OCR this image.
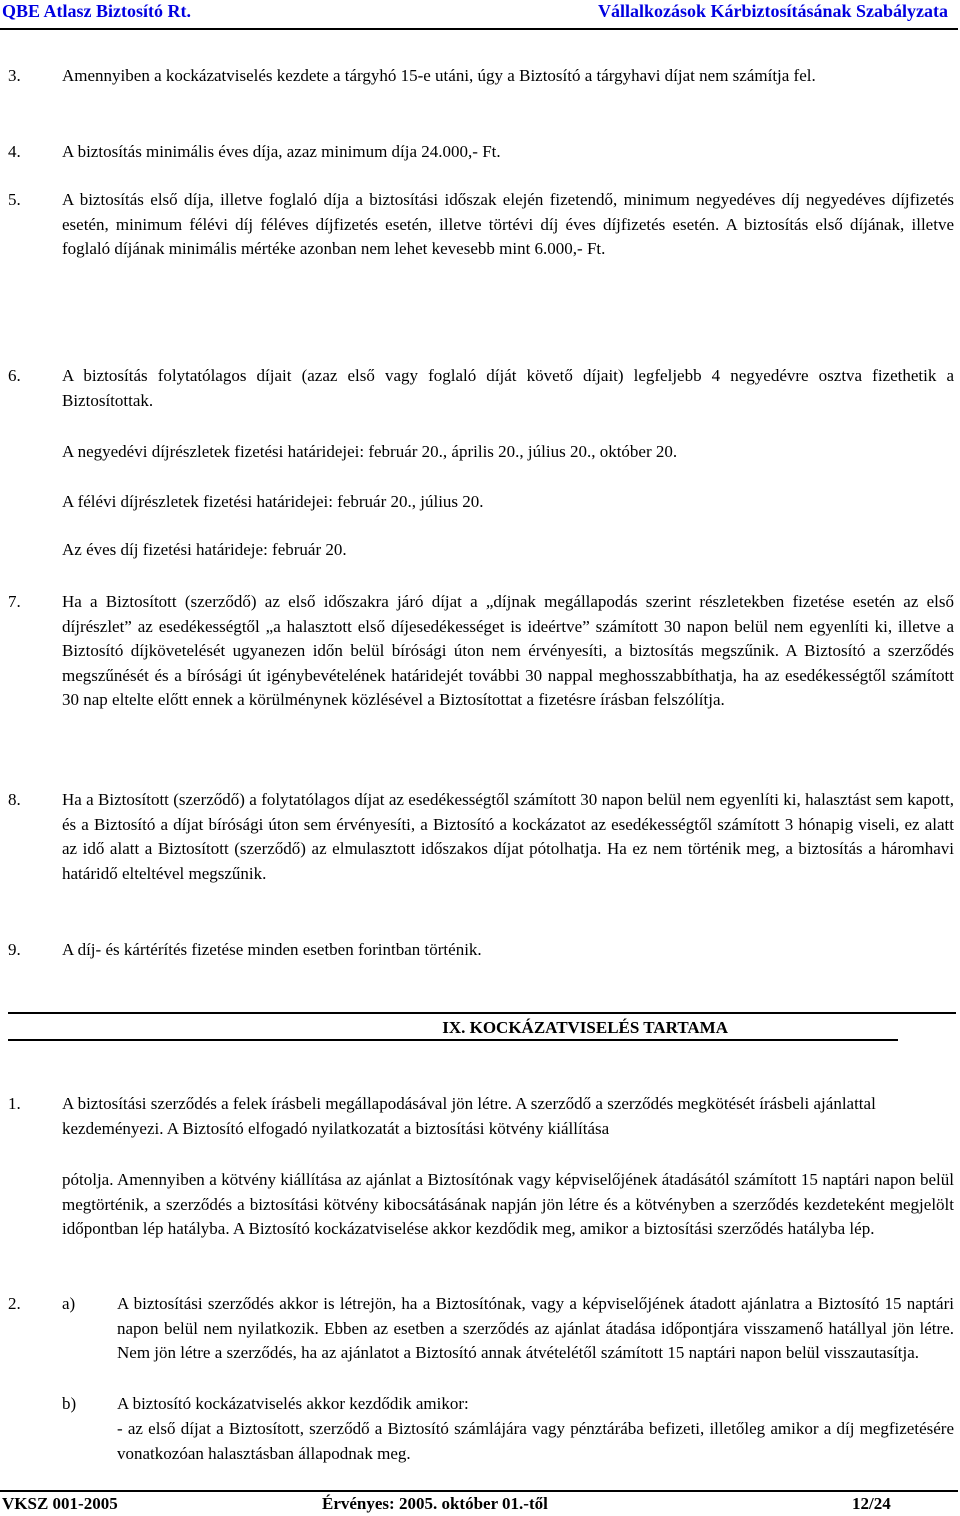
QBE Atlasz Biztosító Rt.	Vállalkozások Kárbiztosításának Szabályzata
3. Amennyiben a kockázatviselés kezdete a tárgyhó 15-e utáni, úgy a Biztosító a tárgyhavi díjat nem számítja fel.
4. A biztosítás minimális éves díja, azaz minimum díja 24.000,- Ft.
5. A biztosítás első díja, illetve foglaló díja a biztosítási időszak elején fizetendő, minimum negyedéves díj negyedéves díjfizetés esetén, minimum félévi díj féléves díjfizetés esetén, illetve törtévi díj éves díjfizetés esetén. A biztosítás első díjának, illetve foglaló díjának minimális mértéke azonban nem lehet kevesebb mint 6.000,- Ft.
6. A biztosítás folytatólagos díjait (azaz első vagy foglaló díját követő díjait) legfeljebb 4 negyedévre osztva fizethetik a Biztosítottak.
A negyedévi díjrészletek fizetési határidejei: február 20., április 20., július 20., október 20.
A félévi díjrészletek fizetési határidejei: február 20., július 20.
Az éves díj fizetési határideje: február 20.
7. Ha a Biztosított (szerződő) az első időszakra járó díjat a „díjnak megállapodás szerint részletekben fizetése esetén az első díjrészlet” az esedékességtől „a halasztott első díjesedékességet is ideértve” számított 30 napon belül nem egyenlíti ki, illetve a Biztosító díjkövetelését ugyanezen időn belül bírósági úton nem érvényesíti, a biztosítás megszűnik. A Biztosító a szerződés megszűnését és a bírósági út igénybevételének határidejét további 30 nappal meghosszabbíthatja, ha az esedékességtől számított 30 nap eltelte előtt ennek a körülménynek közlésével a Biztosítottat a fizetésre írásban felszólítja.
8. Ha a Biztosított (szerződő) a folytatólagos díjat az esedékességtől számított 30 napon belül nem egyenlíti ki, halasztást sem kapott, és a Biztosító a díjat bírósági úton sem érvényesíti, a Biztosító a kockázatot az esedékességtől számított 3 hónapig viseli, ez alatt az idő alatt a Biztosított (szerződő) az elmulasztott időszakos díjat pótolhatja. Ha ez nem történik meg, a biztosítás a háromhavi határidő elteltével megszűnik.
9. A díj- és kártérítés fizetése minden esetben forintban történik.
IX. KOCKÁZATVISELÉS TARTAMA
1. A biztosítási szerződés a felek írásbeli megállapodásával jön létre. A szerződő a szerződés megkötését írásbeli ajánlattal kezdeményezi. A Biztosító elfogadó nyilatkozatát a biztosítási kötvény kiállítása
pótolja. Amennyiben a kötvény kiállítása az ajánlat a Biztosítónak vagy képviselőjének átadásától számított 15 naptári napon belül megtörténik, a szerződés a biztosítási kötvény kibocsátásának napján jön létre és a kötvényben a szerződés kezdeteként megjelölt időpontban lép hatályba. A Biztosító kockázatviselése akkor kezdődik meg, amikor a biztosítási szerződés hatályba lép.
2. a) A biztosítási szerződés akkor is létrejön, ha a Biztosítónak, vagy a képviselőjének átadott ajánlatra a Biztosító 15 naptári napon belül nem nyilatkozik. Ebben az esetben a szerződés az ajánlat átadása időpontjára visszamenő hatállyal jön létre. Nem jön létre a szerződés, ha az ajánlatot a Biztosító annak átvételétől számított 15 naptári napon belül visszautasítja.
b) A biztosító kockázatviselés akkor kezdődik amikor:
- az első díjat a Biztosított, szerződő a Biztosító számlájára vagy pénztárába befizeti, illetőleg amikor a díj megfizetésére vonatkozóan halasztásban állapodnak meg.
VKSZ 001-2005	Érvényes: 2005. október 01.-től	12/24
